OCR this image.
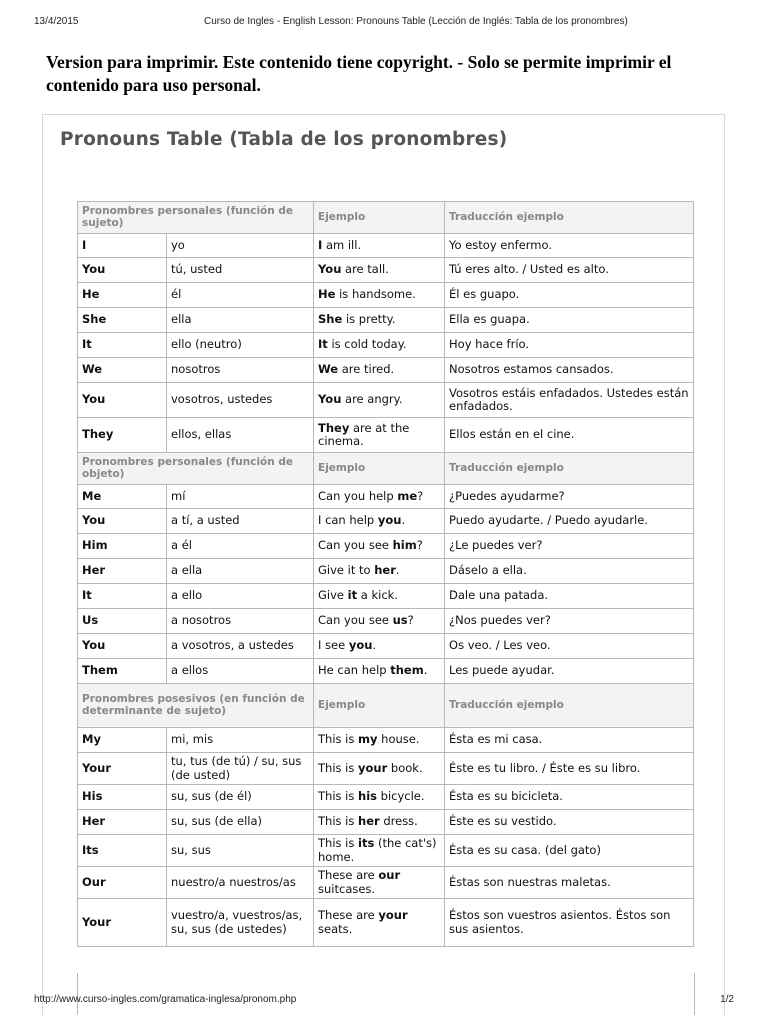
13/4/2015	Curso de Ingles - English Lesson: Pronouns Table (Lección de Inglés: Tabla de los pronombres)
Version para imprimir. Este contenido tiene copyright. - Solo se permite imprimir el contenido para uso personal.
Pronouns Table (Tabla de los pronombres)
Pronombres personales (función de sujeto)		Ejemplo	Traducción ejemplo
I	yo	I am ill.	Yo estoy enfermo.
You	tú, usted	You are tall.	Tú eres alto. / Usted es alto.
He	él	He is handsome.	Él es guapo.
She	ella	She is pretty.	Ella es guapa.
It	ello (neutro)	It is cold today.	Hoy hace frío.
We	nosotros	We are tired.	Nosotros estamos cansados.
You	vosotros, ustedes	You are angry.	Vosotros estáis enfadados. Ustedes están enfadados.
They	ellos, ellas	They are at the cinema.	Ellos están en el cine.
Pronombres personales (función de objeto)		Ejemplo	Traducción ejemplo
Me	mí	Can you help me?	¿Puedes ayudarme?
You	a tí, a usted	I can help you.	Puedo ayudarte. / Puedo ayudarle.
Him	a él	Can you see him?	¿Le puedes ver?
Her	a ella	Give it to her.	Dáselo a ella.
It	a ello	Give it a kick.	Dale una patada.
Us	a nosotros	Can you see us?	¿Nos puedes ver?
You	a vosotros, a ustedes	I see you.	Os veo. / Les veo.
Them	a ellos	He can help them.	Les puede ayudar.
Pronombres posesivos (en función de determinante de sujeto)		Ejemplo	Traducción ejemplo
My	mi, mis	This is my house.	Ésta es mi casa.
Your	tu, tus (de tú) / su, sus (de usted)	This is your book.	Éste es tu libro. / Éste es su libro.
His	su, sus (de él)	This is his bicycle.	Ésta es su bicicleta.
Her	su, sus (de ella)	This is her dress.	Éste es su vestido.
Its	su, sus	This is its (the cat's) home.	Ésta es su casa. (del gato)
Our	nuestro/a nuestros/as	These are our suitcases.	Éstas son nuestras maletas.
Your	vuestro/a, vuestros/as, su, sus (de ustedes)	These are your seats.	Éstos son vuestros asientos. Éstos son sus asientos.
http://www.curso-ingles.com/gramatica-inglesa/pronom.php	1/2
